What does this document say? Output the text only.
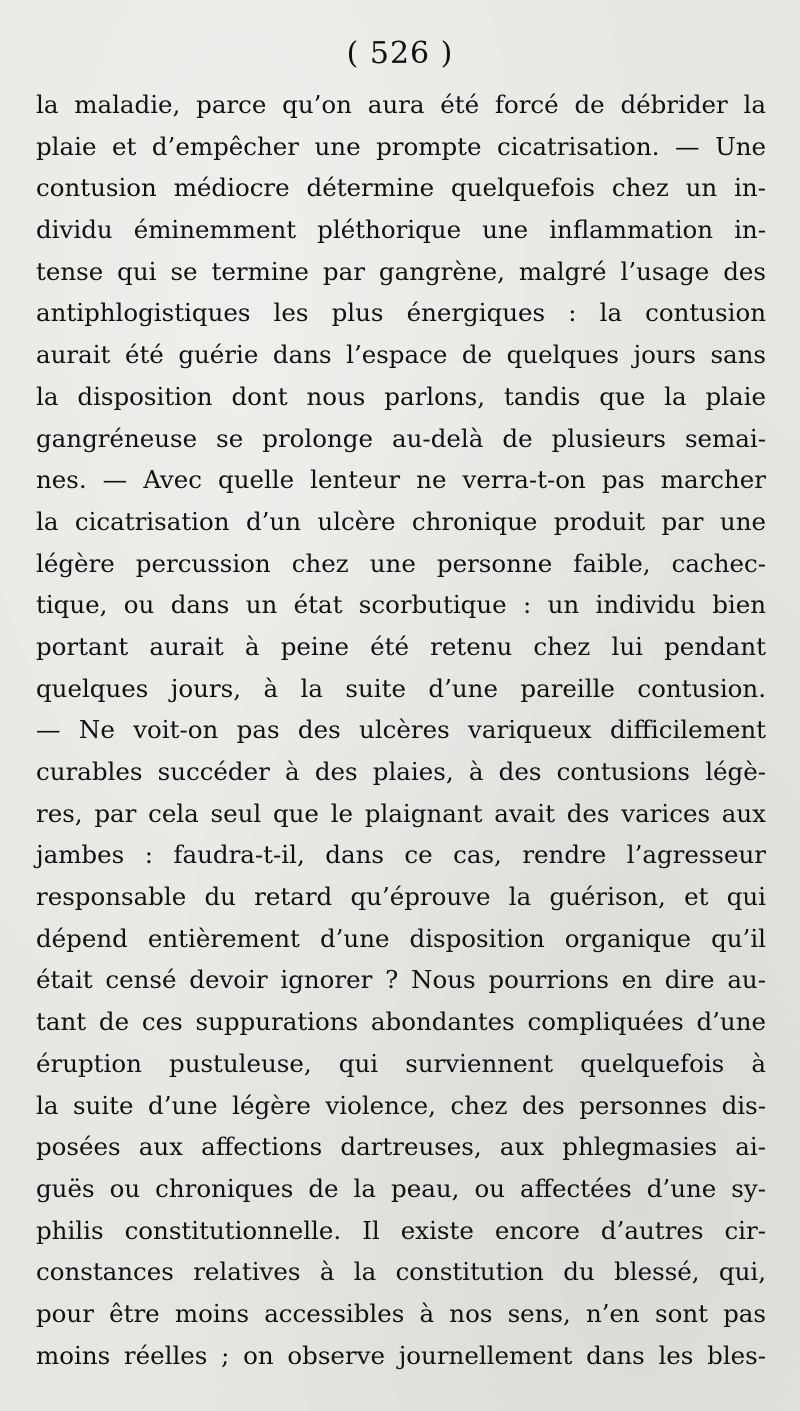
( 526 )
la maladie, parce qu’on aura été forcé de débrider la
plaie et d’empêcher une prompte cicatrisation. — Une
contusion médiocre détermine quelquefois chez un in-
dividu éminemment pléthorique une inflammation in-
tense qui se termine par gangrène, malgré l’usage des
antiphlogistiques les plus énergiques : la contusion
aurait été guérie dans l’espace de quelques jours sans
la disposition dont nous parlons, tandis que la plaie
gangréneuse se prolonge au-delà de plusieurs semai-
nes. — Avec quelle lenteur ne verra-t-on pas marcher
la cicatrisation d’un ulcère chronique produit par une
légère percussion chez une personne faible, cachec-
tique, ou dans un état scorbutique : un individu bien
portant aurait à peine été retenu chez lui pendant
quelques jours, à la suite d’une pareille contusion.
— Ne voit-on pas des ulcères variqueux difficilement
curables succéder à des plaies, à des contusions légè-
res, par cela seul que le plaignant avait des varices aux
jambes : faudra-t-il, dans ce cas, rendre l’agresseur
responsable du retard qu’éprouve la guérison, et qui
dépend entièrement d’une disposition organique qu’il
était censé devoir ignorer ? Nous pourrions en dire au-
tant de ces suppurations abondantes compliquées d’une
éruption pustuleuse, qui surviennent quelquefois à
la suite d’une légère violence, chez des personnes dis-
posées aux affections dartreuses, aux phlegmasies ai-
guës ou chroniques de la peau, ou affectées d’une sy-
philis constitutionnelle. Il existe encore d’autres cir-
constances relatives à la constitution du blessé, qui,
pour être moins accessibles à nos sens, n’en sont pas
moins réelles ; on observe journellement dans les bles-
